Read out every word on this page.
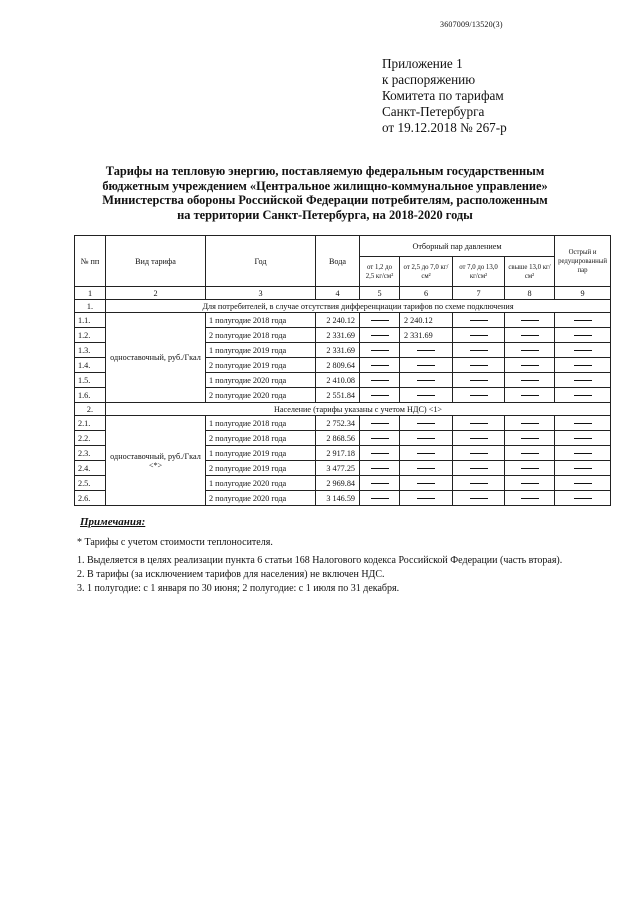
3607009/13520(3)
Приложение 1
к распоряжению
Комитета по тарифам
Санкт-Петербурга
от 19.12.2018 № 267-р
Тарифы на тепловую энергию, поставляемую федеральным государственным
бюджетным учреждением «Центральное жилищно-коммунальное управление»
Министерства обороны Российской Федерации потребителям, расположенным
на территории Санкт-Петербурга, на 2018-2020 годы
№ пп	Вид тарифа	Год	Вода	Отборный пар давлением				Острый и редуцированный пар
				от 1,2 до 2,5 кг/см²	от 2,5 до 7,0 кг/см²	от 7,0 до 13,0 кг/см²	свыше 13,0 кг/см²	
1	2	3	4	5	6	7	8	9
1.	Для потребителей, в случае отсутствия дифференциации тарифов по схеме подключения							
1.1.	одноставочный, руб./Гкал	1 полугодие 2018 года	2 240.12		2 240.12			
1.2.		2 полугодие 2018 года	2 331.69		2 331.69			
1.3.		1 полугодие 2019 года	2 331.69					
1.4.		2 полугодие 2019 года	2 809.64					
1.5.		1 полугодие 2020 года	2 410.08					
1.6.		2 полугодие 2020 года	2 551.84					
2.	Население (тарифы указаны с учетом НДС) <1>							
2.1.	одноставочный, руб./Гкал <*>	1 полугодие 2018 года	2 752.34					
2.2.		2 полугодие 2018 года	2 868.56					
2.3.		1 полугодие 2019 года	2 917.18					
2.4.		2 полугодие 2019 года	3 477.25					
2.5.		1 полугодие 2020 года	2 969.84					
2.6.		2 полугодие 2020 года	3 146.59					
Примечания:
* Тарифы с учетом стоимости теплоносителя.
1. Выделяется в целях реализации пункта 6 статьи 168 Налогового кодекса Российской Федерации (часть вторая).
2. В тарифы (за исключением тарифов для населения) не включен НДС.
3. 1 полугодие: с 1 января по 30 июня; 2 полугодие: с 1 июля по 31 декабря.
